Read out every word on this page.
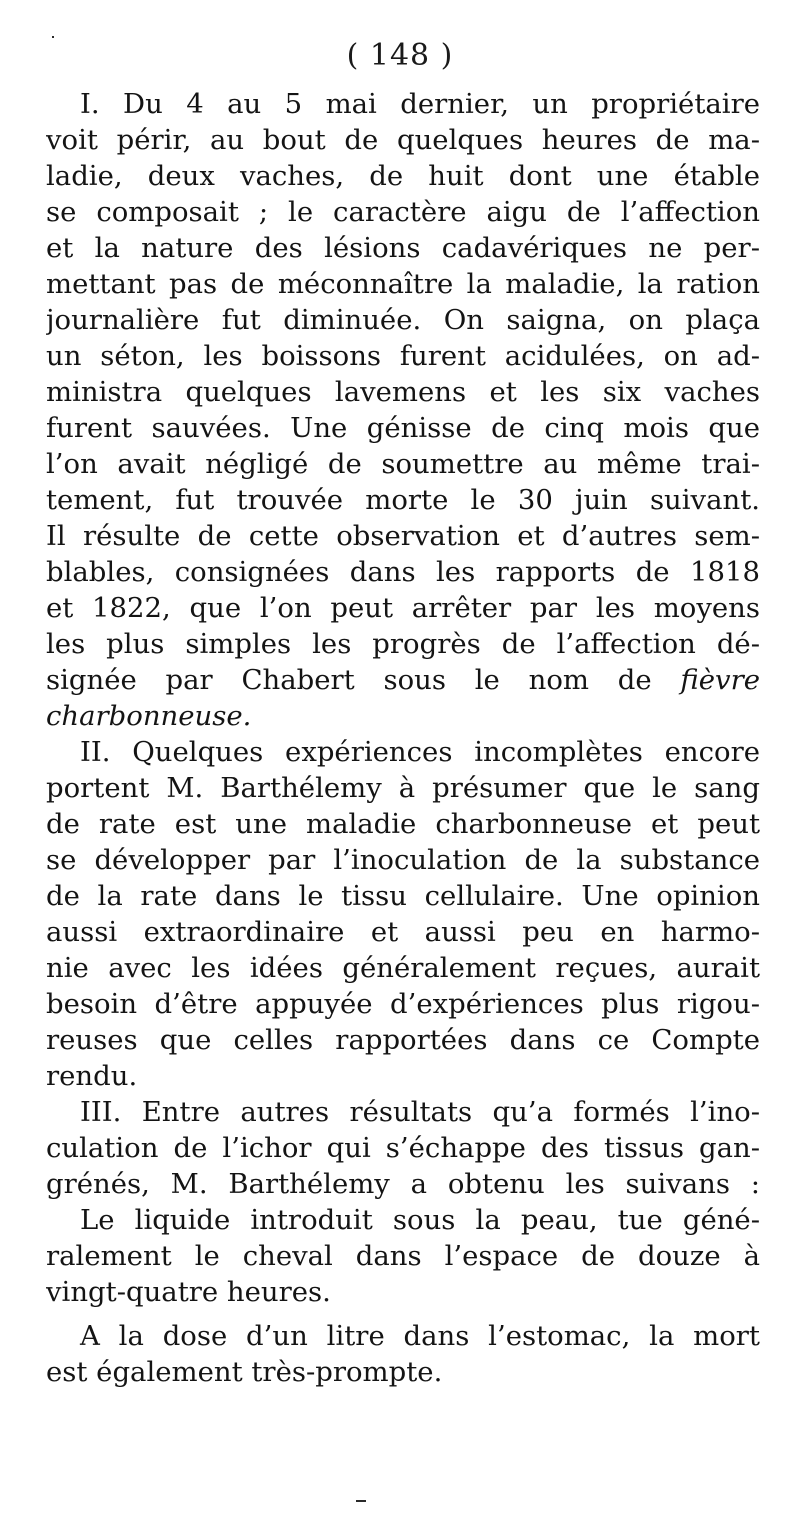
( 148 )
I. Du 4 au 5 mai dernier, un propriétaire
voit périr, au bout de quelques heures de ma-
ladie, deux vaches, de huit dont une étable
se composait ; le caractère aigu de l’affection
et la nature des lésions cadavériques ne per-
mettant pas de méconnaître la maladie, la ration
journalière fut diminuée. On saigna, on plaça
un séton, les boissons furent acidulées, on ad-
ministra quelques lavemens et les six vaches
furent sauvées. Une génisse de cinq mois que
l’on avait négligé de soumettre au même trai-
tement, fut trouvée morte le 30 juin suivant.
Il résulte de cette observation et d’autres sem-
blables, consignées dans les rapports de 1818
et 1822, que l’on peut arrêter par les moyens
les plus simples les progrès de l’affection dé-
signée par Chabert sous le nom de fièvre
charbonneuse.
II. Quelques expériences incomplètes encore
portent M. Barthélemy à présumer que le sang
de rate est une maladie charbonneuse et peut
se développer par l’inoculation de la substance
de la rate dans le tissu cellulaire. Une opinion
aussi extraordinaire et aussi peu en harmo-
nie avec les idées généralement reçues, aurait
besoin d’être appuyée d’expériences plus rigou-
reuses que celles rapportées dans ce Compte
rendu.
III. Entre autres résultats qu’a formés l’ino-
culation de l’ichor qui s’échappe des tissus gan-
grénés, M. Barthélemy a obtenu les suivans :
Le liquide introduit sous la peau, tue géné-
ralement le cheval dans l’espace de douze à
vingt-quatre heures.
A la dose d’un litre dans l’estomac, la mort
est également très-prompte.
